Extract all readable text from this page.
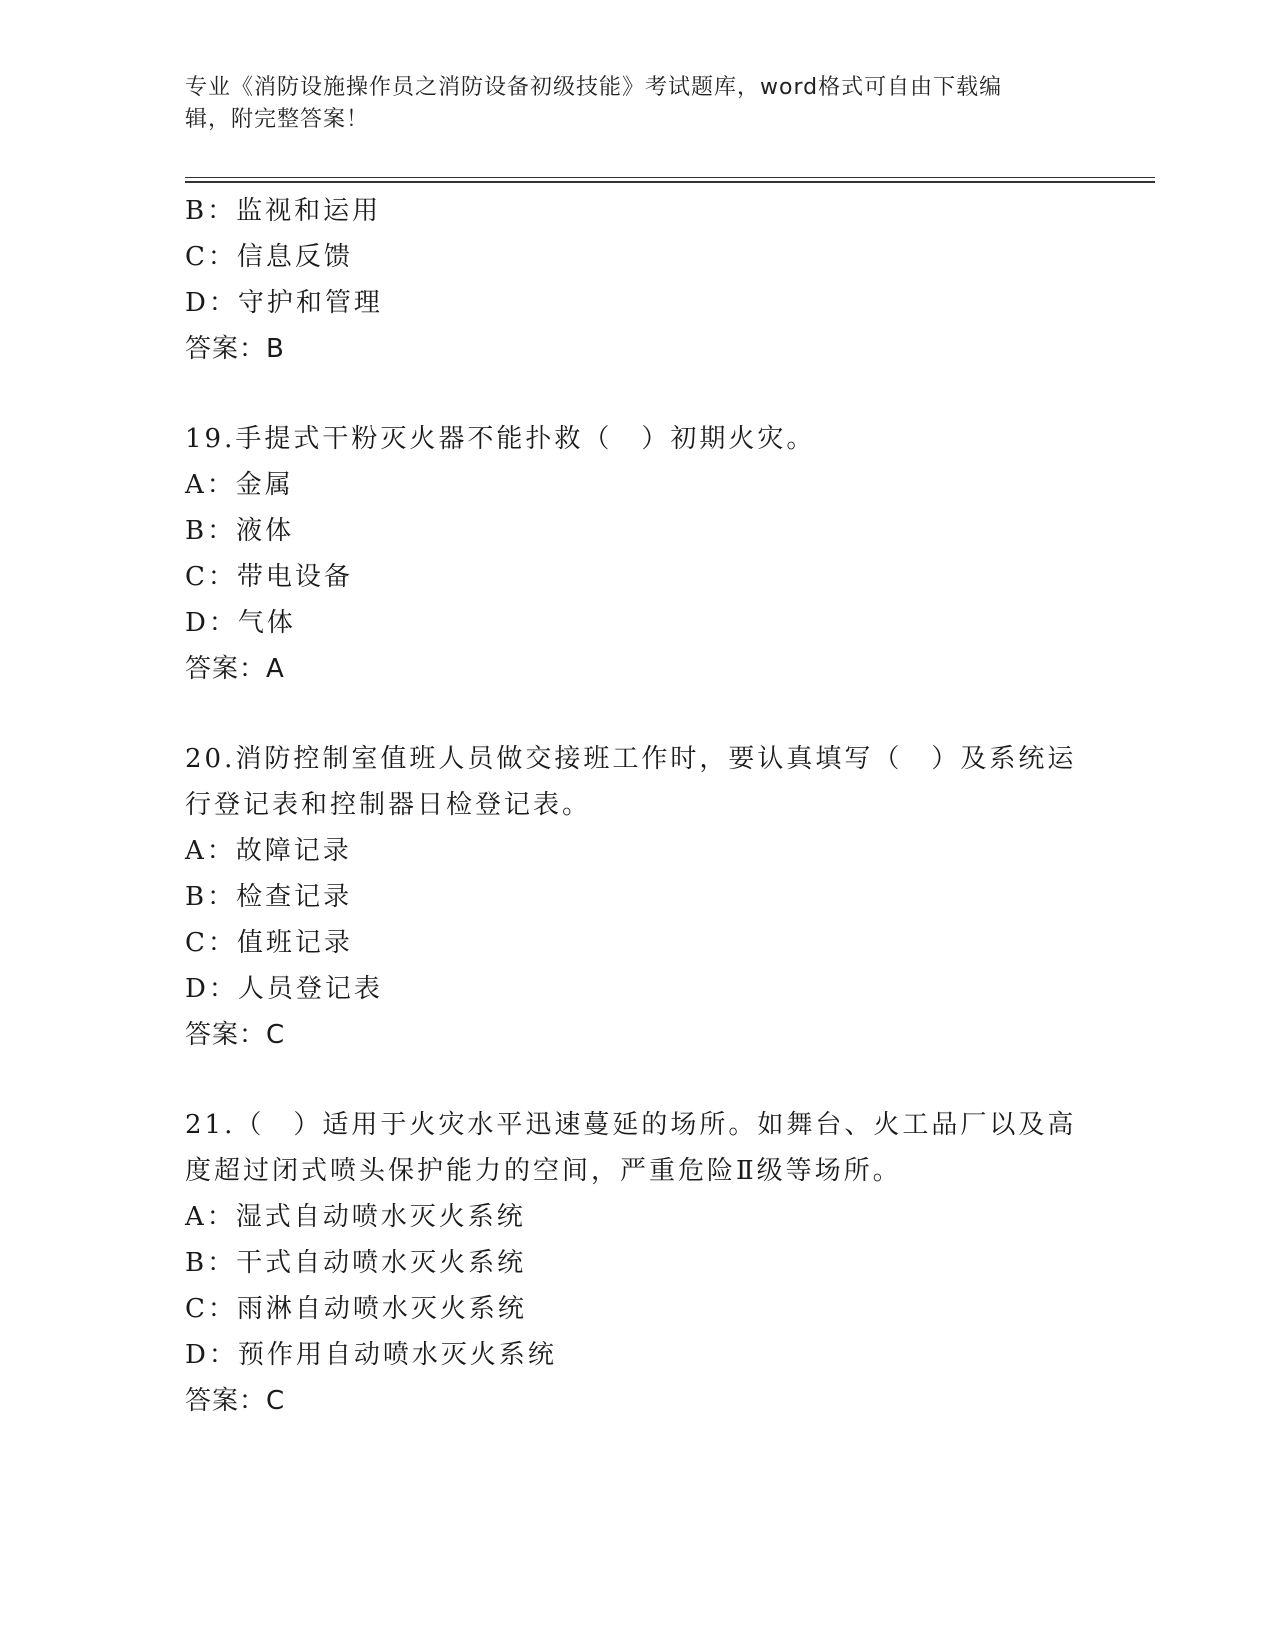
专业《消防设施操作员之消防设备初级技能》考试题库，word格式可自由下载编
辑，附完整答案！
B：监视和运用
C：信息反馈
D：守护和管理
答案：B
19.手提式干粉灭火器不能扑救（　）初期火灾。
A：金属
B：液体
C：带电设备
D：气体
答案：A
20.消防控制室值班人员做交接班工作时，要认真填写（　）及系统运
行登记表和控制器日检登记表。
A：故障记录
B：检查记录
C：值班记录
D：人员登记表
答案：C
21.（　）适用于火灾水平迅速蔓延的场所。如舞台、火工品厂以及高
度超过闭式喷头保护能力的空间，严重危险Ⅱ级等场所。
A：湿式自动喷水灭火系统
B：干式自动喷水灭火系统
C：雨淋自动喷水灭火系统
D：预作用自动喷水灭火系统
答案：C
